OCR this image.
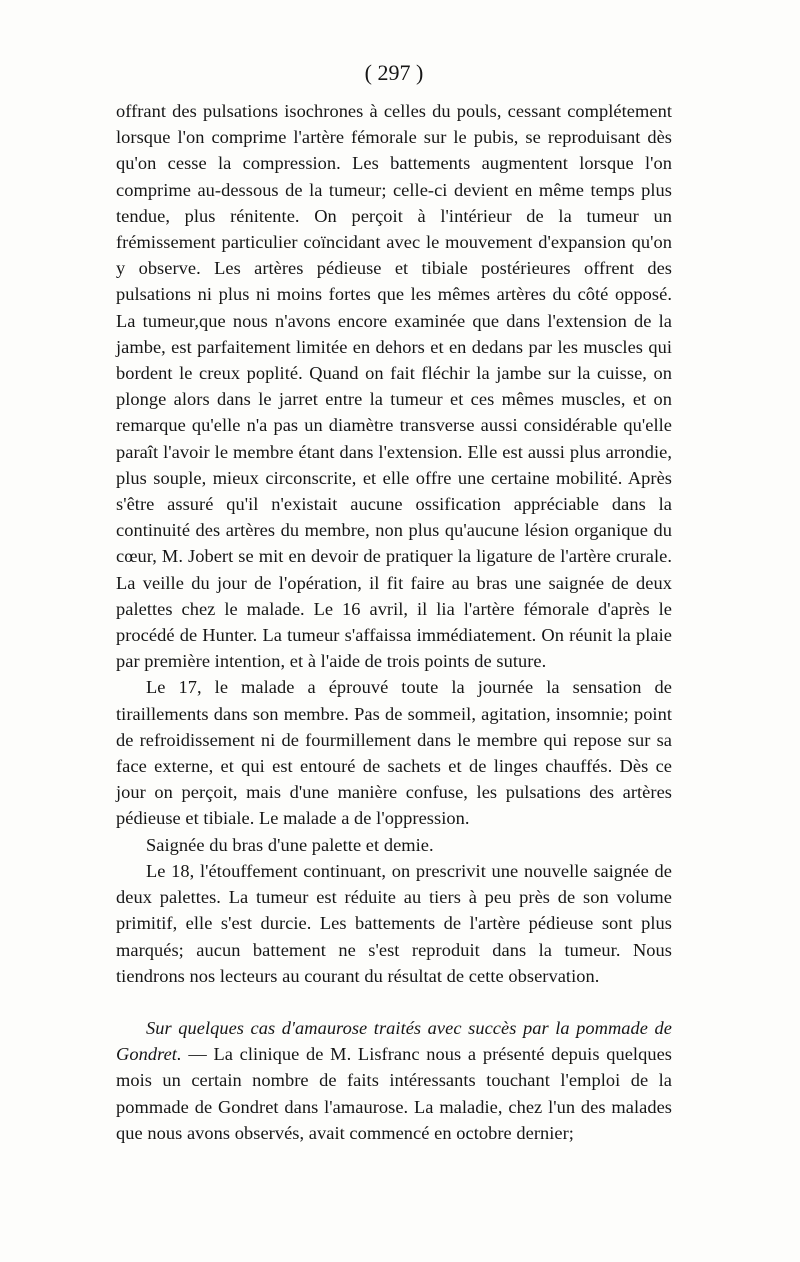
( 297 )

offrant des pulsations isochrones à celles du pouls, cessant complétement lorsque l'on comprime l'artère fémorale sur le pubis, se reproduisant dès qu'on cesse la compression. Les battements augmentent lorsque l'on comprime au-dessous de la tumeur; celle-ci devient en même temps plus tendue, plus rénitente. On perçoit à l'intérieur de la tumeur un frémissement particulier coïncidant avec le mouvement d'expansion qu'on y observe. Les artères pédieuse et tibiale postérieures offrent des pulsations ni plus ni moins fortes que les mêmes artères du côté opposé. La tumeur,que nous n'avons encore examinée que dans l'extension de la jambe, est parfaitement limitée en dehors et en dedans par les muscles qui bordent le creux poplité. Quand on fait fléchir la jambe sur la cuisse, on plonge alors dans le jarret entre la tumeur et ces mêmes muscles, et on remarque qu'elle n'a pas un diamètre transverse aussi considérable qu'elle paraît l'avoir le membre étant dans l'extension. Elle est aussi plus arrondie, plus souple, mieux circonscrite, et elle offre une certaine mobilité. Après s'être assuré qu'il n'existait aucune ossification appréciable dans la continuité des artères du membre, non plus qu'aucune lésion organique du cœur, M. Jobert se mit en devoir de pratiquer la ligature de l'artère crurale. La veille du jour de l'opération, il fit faire au bras une saignée de deux palettes chez le malade. Le 16 avril, il lia l'artère fémorale d'après le procédé de Hunter. La tumeur s'affaissa immédiatement. On réunit la plaie par première intention, et à l'aide de trois points de suture.

Le 17, le malade a éprouvé toute la journée la sensation de tiraillements dans son membre. Pas de sommeil, agitation, insomnie; point de refroidissement ni de fourmillement dans le membre qui repose sur sa face externe, et qui est entouré de sachets et de linges chauffés. Dès ce jour on perçoit, mais d'une manière confuse, les pulsations des artères pédieuse et tibiale. Le malade a de l'oppression.

Saignée du bras d'une palette et demie.

Le 18, l'étouffement continuant, on prescrivit une nouvelle saignée de deux palettes. La tumeur est réduite au tiers à peu près de son volume primitif, elle s'est durcie. Les battements de l'artère pédieuse sont plus marqués; aucun battement ne s'est reproduit dans la tumeur. Nous tiendrons nos lecteurs au courant du résultat de cette observation.

Sur quelques cas d'amaurose traités avec succès par la pommade de Gondret. — La clinique de M. Lisfranc nous a présenté depuis quelques mois un certain nombre de faits intéressants touchant l'emploi de la pommade de Gondret dans l'amaurose. La maladie, chez l'un des malades que nous avons observés, avait commencé en octobre dernier;
